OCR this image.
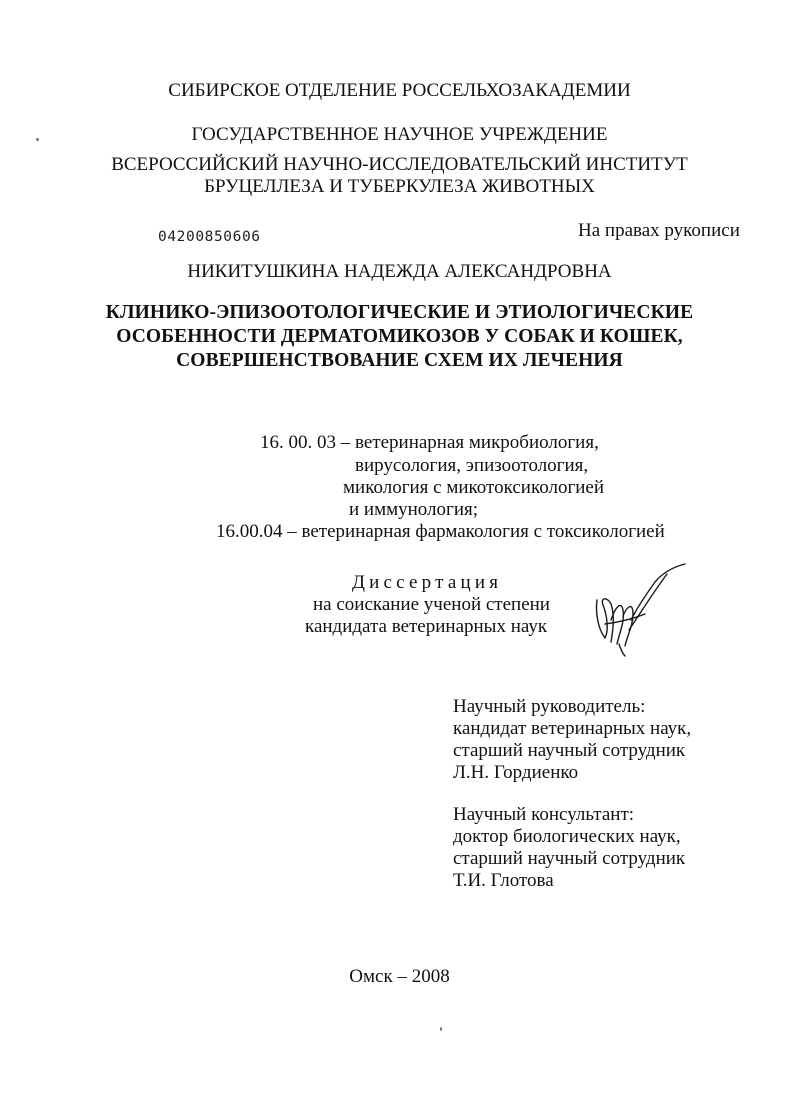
СИБИРСКОЕ ОТДЕЛЕНИЕ РОССЕЛЬХОЗАКАДЕМИИ
ГОСУДАРСТВЕННОЕ НАУЧНОЕ УЧРЕЖДЕНИЕ
ВСЕРОССИЙСКИЙ НАУЧНО-ИССЛЕДОВАТЕЛЬСКИЙ ИНСТИТУТ
БРУЦЕЛЛЕЗА И ТУБЕРКУЛЕЗА ЖИВОТНЫХ
04200850606	На правах рукописи
НИКИТУШКИНА НАДЕЖДА АЛЕКСАНДРОВНА
КЛИНИКО-ЭПИЗООТОЛОГИЧЕСКИЕ И ЭТИОЛОГИЧЕСКИЕ
ОСОБЕННОСТИ ДЕРМАТОМИКОЗОВ У СОБАК И КОШЕК,
СОВЕРШЕНСТВОВАНИЕ СХЕМ ИХ ЛЕЧЕНИЯ
16. 00. 03 – ветеринарная микробиология,
вирусология, эпизоотология,
микология с микотоксикологией
и иммунология;
16.00.04 – ветеринарная фармакология с токсикологией
Диссертация
на соискание ученой степени
кандидата ветеринарных наук
Научный руководитель:
кандидат ветеринарных наук,
старший научный сотрудник
Л.Н. Гордиенко
Научный консультант:
доктор биологических наук,
старший научный сотрудник
Т.И. Глотова
Омск – 2008
